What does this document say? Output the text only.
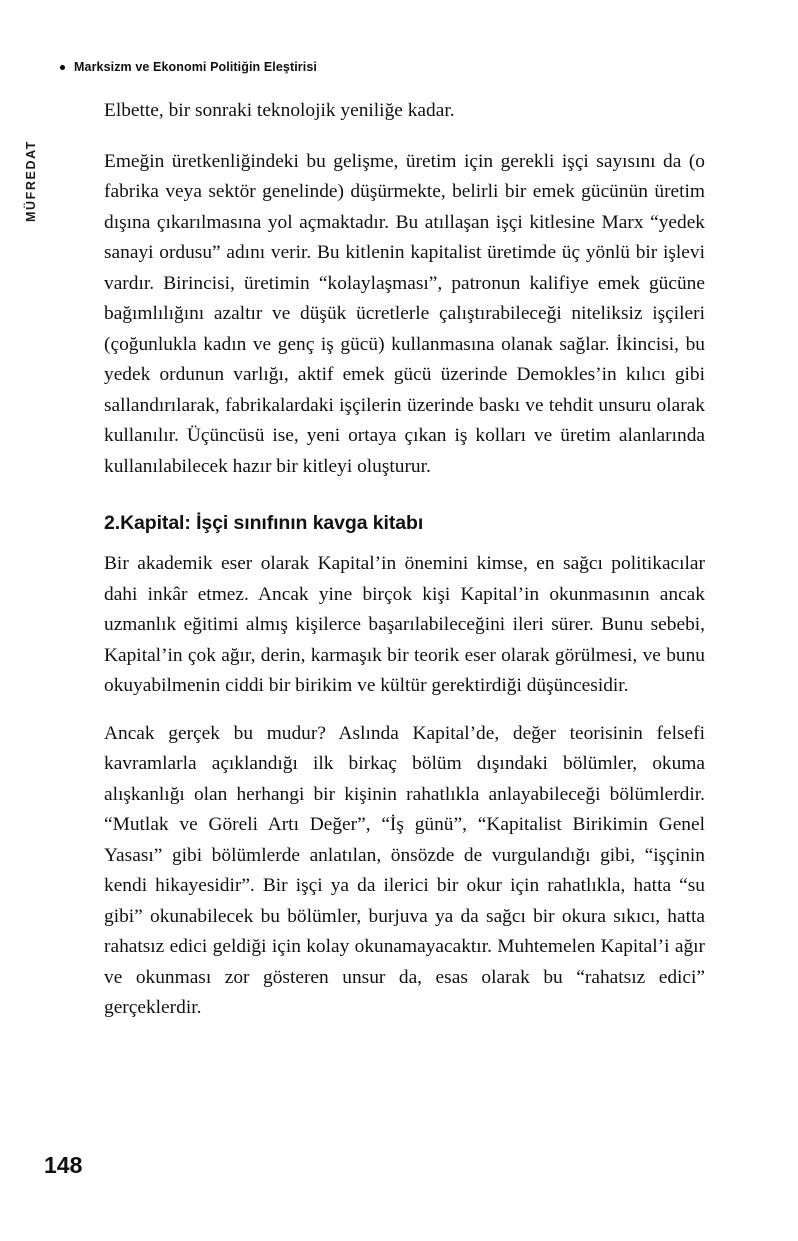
MÜFREDAT
Marksizm ve Ekonomi Politiğin Eleştirisi

Elbette, bir sonraki teknolojik yeniliğe kadar.

Emeğin üretkenliğindeki bu gelişme, üretim için gerekli işçi sayısını da (o fabrika veya sektör genelinde) düşürmekte, belirli bir emek gücünün üretim dışına çıkarılmasına yol açmaktadır. Bu atıllaşan işçi kitlesine Marx “yedek sanayi ordusu” adını verir. Bu kitlenin kapitalist üretimde üç yönlü bir işlevi vardır. Birincisi, üretimin “kolaylaşması”, patronun kalifiye emek gücüne bağımlılığını azaltır ve düşük ücretlerle çalıştırabileceği niteliksiz işçileri (çoğunlukla kadın ve genç iş gücü) kullanmasına olanak sağlar. İkincisi, bu yedek ordunun varlığı, aktif emek gücü üzerinde Demokles’in kılıcı gibi sallandırılarak, fabrikalardaki işçilerin üzerinde baskı ve tehdit unsuru olarak kullanılır. Üçüncüsü ise, yeni ortaya çıkan iş kolları ve üretim alanlarında kullanılabilecek hazır bir kitleyi oluşturur.

2.Kapital: İşçi sınıfının kavga kitabı

Bir akademik eser olarak Kapital’in önemini kimse, en sağcı politikacılar dahi inkâr etmez. Ancak yine birçok kişi Kapital’in okunmasının ancak uzmanlık eğitimi almış kişilerce başarılabileceğini ileri sürer. Bunu sebebi, Kapital’in çok ağır, derin, karmaşık bir teorik eser olarak görülmesi, ve bunu okuyabilmenin ciddi bir birikim ve kültür gerektirdiği düşüncesidir.

Ancak gerçek bu mudur? Aslında Kapital’de, değer teorisinin felsefi kavramlarla açıklandığı ilk birkaç bölüm dışındaki bölümler, okuma alışkanlığı olan herhangi bir kişinin rahatlıkla anlayabileceği bölümlerdir. “Mutlak ve Göreli Artı Değer”, “İş günü”, “Kapitalist Birikimin Genel Yasası” gibi bölümlerde anlatılan, önsözde de vurgulandığı gibi, “işçinin kendi hikayesidir”. Bir işçi ya da ilerici bir okur için rahatlıkla, hatta “su gibi” okunabilecek bu bölümler, burjuva ya da sağcı bir okura sıkıcı, hatta rahatsız edici geldiği için kolay okunamayacaktır. Muhtemelen Kapital’i ağır ve okunması zor gösteren unsur da, esas olarak bu “rahatsız edici” gerçeklerdir.

148
